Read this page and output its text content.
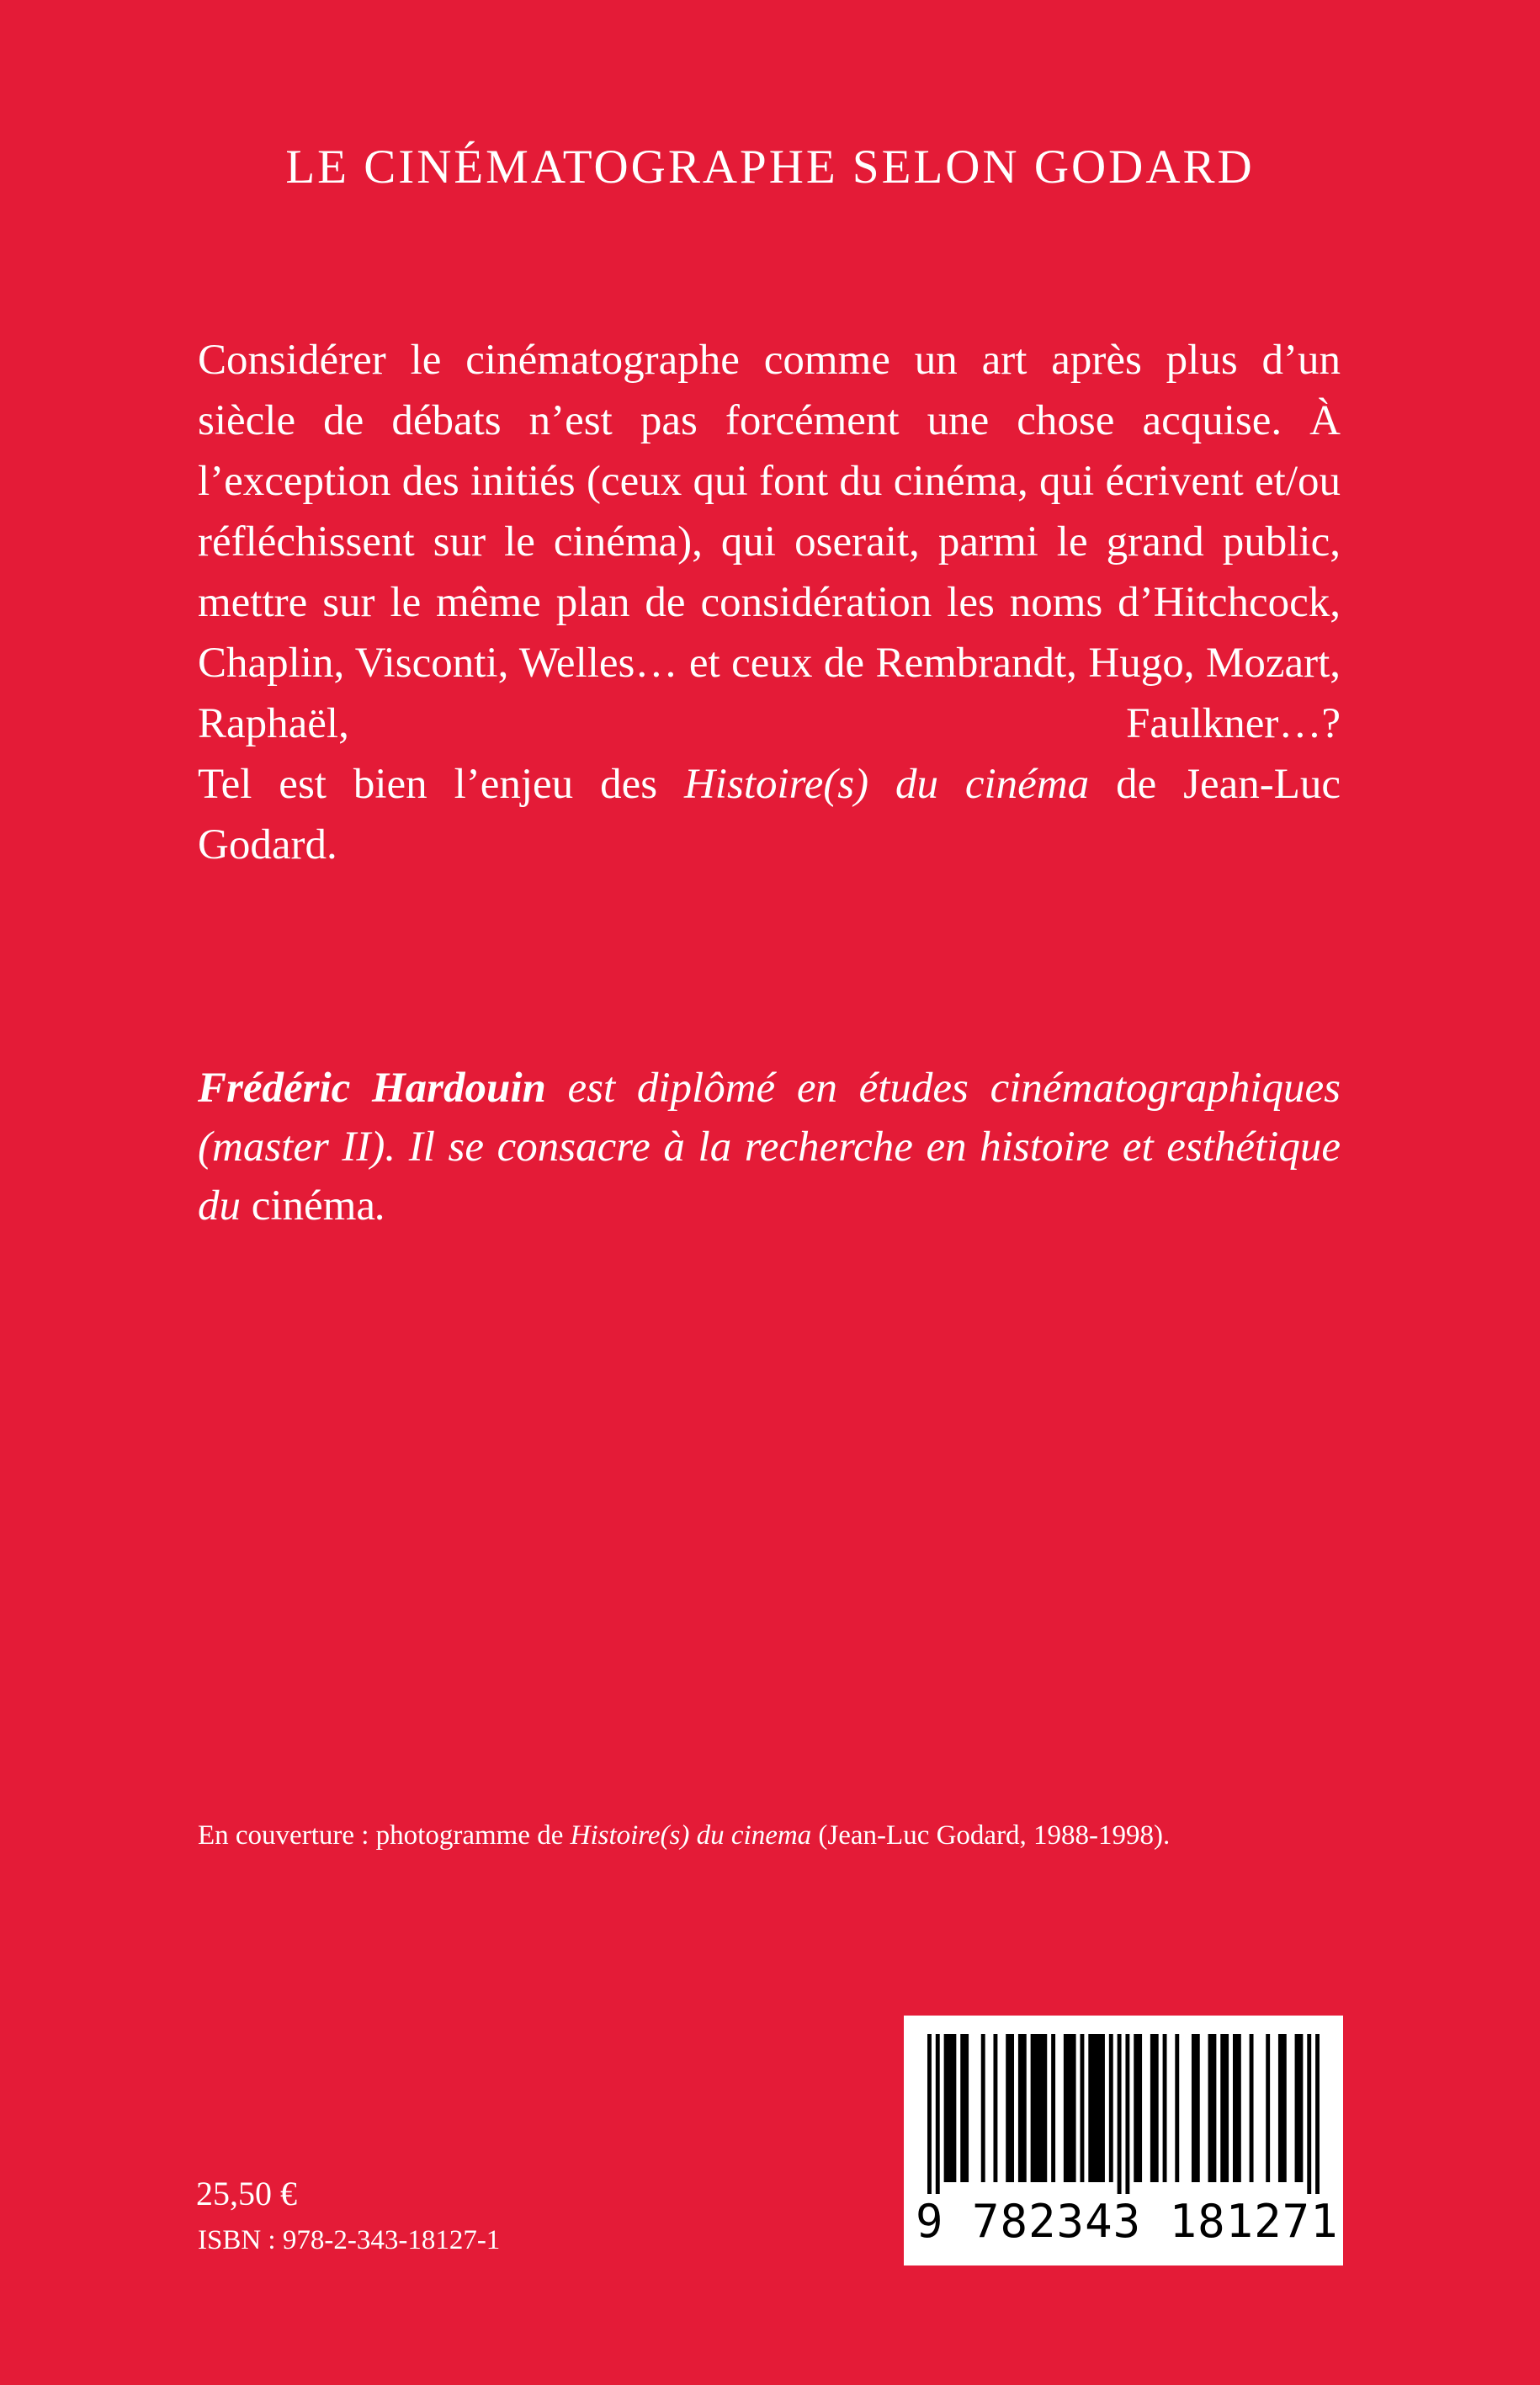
LE CINÉMATOGRAPHE SELON GODARD

Considérer le cinématographe comme un art après plus d’un siècle de débats n’est pas forcément une chose acquise. À l’exception des initiés (ceux qui font du cinéma, qui écrivent et/ou réfléchissent sur le cinéma), qui oserait, parmi le grand public, mettre sur le même plan de considération les noms d’Hitchcock, Chaplin, Visconti, Welles… et ceux de Rembrandt, Hugo, Mozart, Raphaël, Faulkner…?

Tel est bien l’enjeu des Histoire(s) du cinéma de Jean-Luc Godard.

Frédéric Hardouin est diplômé en études cinématographiques (master II). Il se consacre à la recherche en histoire et esthétique du cinéma.
En couverture : photogramme de Histoire(s) du cinema (Jean-Luc Godard, 1988-1998).
25,50 €
ISBN : 978-2-343-18127-1	9 782343 181271
